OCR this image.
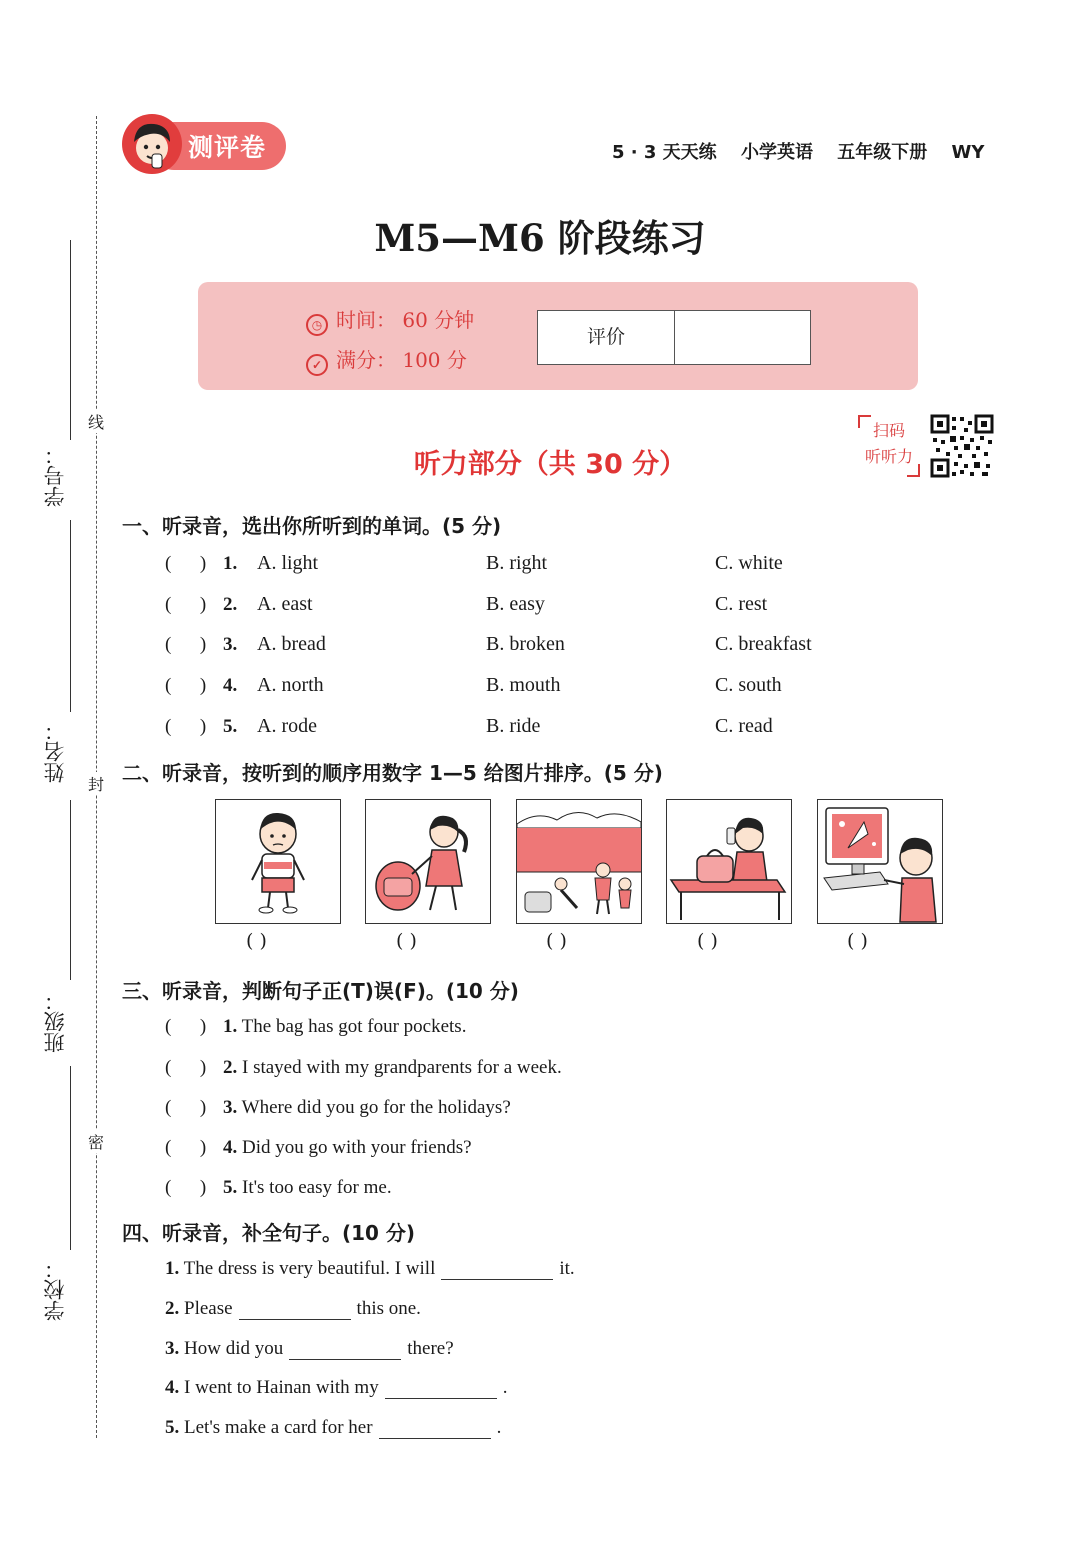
学号：
姓名：
班级：
学校：
线
封
密
测评卷	5 · 3 天天练 小学英语 五年级下册 WY
M5—M6 阶段练习
◷ 时间： 60 分钟
✓ 满分： 100 分
评价
听力部分（共 30 分）
扫码
听听力
一、听录音，选出你所听到的单词。(5 分)
(      ) 1. A. light	B. right	C. white
(      ) 2. A. east	B. easy	C. rest
(      ) 3. A. bread	B. broken	C. breakfast
(      ) 4. A. north	B. mouth	C. south
(      ) 5. A. rode	B. ride	C. read
二、听录音，按听到的顺序用数字 1—5 给图片排序。(5 分)
( )	( )	( )	( )	( )
三、听录音，判断句子正(T)误(F)。(10 分)
(      ) 1. The bag has got four pockets.
(      ) 2. I stayed with my grandparents for a week.
(      ) 3. Where did you go for the holidays?
(      ) 4. Did you go with your friends?
(      ) 5. It's too easy for me.
四、听录音，补全句子。(10 分)
1. The dress is very beautiful. I will	it.
2. Please	this one.
3. How did you	there?
4. I went to Hainan with my	.
5. Let's make a card for her	.
